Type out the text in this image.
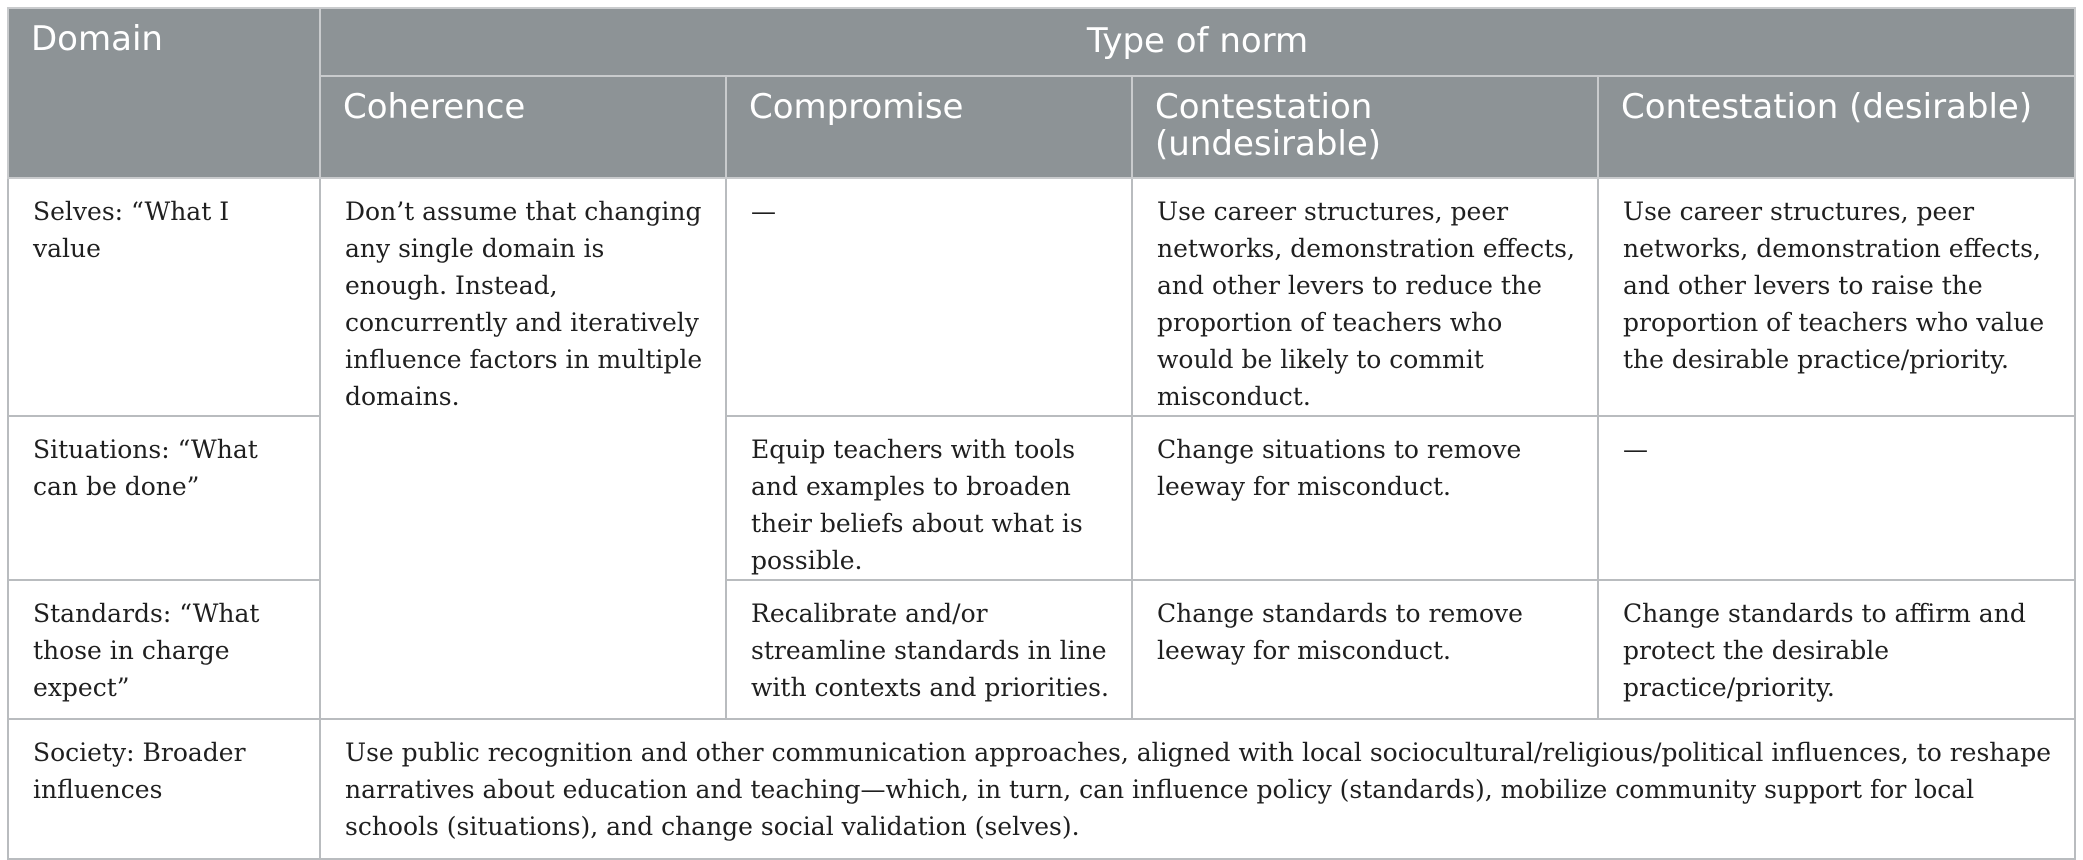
Domain	Type of norm			
	Coherence	Compromise	Contestation (undesirable)	Contestation (desirable)
Selves: “What I value	Don’t assume that changing any single domain is enough. Instead, concurrently and iteratively influence factors in multiple domains.	—	Use career structures, peer networks, demonstration effects, and other levers to reduce the proportion of teachers who would be likely to commit misconduct.	Use career structures, peer networks, demonstration effects, and other levers to raise the proportion of teachers who value the desirable practice/priority.
Situations: “What can be done”		Equip teachers with tools and examples to broaden their beliefs about what is possible.	Change situations to remove leeway for misconduct.	—
Standards: “What those in charge expect”		Recalibrate and/or streamline standards in line with contexts and priorities.	Change standards to remove leeway for misconduct.	Change standards to affirm and protect the desirable practice/priority.
Society: Broader influences	Use public recognition and other communication approaches, aligned with local sociocultural/religious/political influences, to reshape narratives about education and teaching—which, in turn, can influence policy (standards), mobilize community support for local schools (situations), and change social validation (selves).			
